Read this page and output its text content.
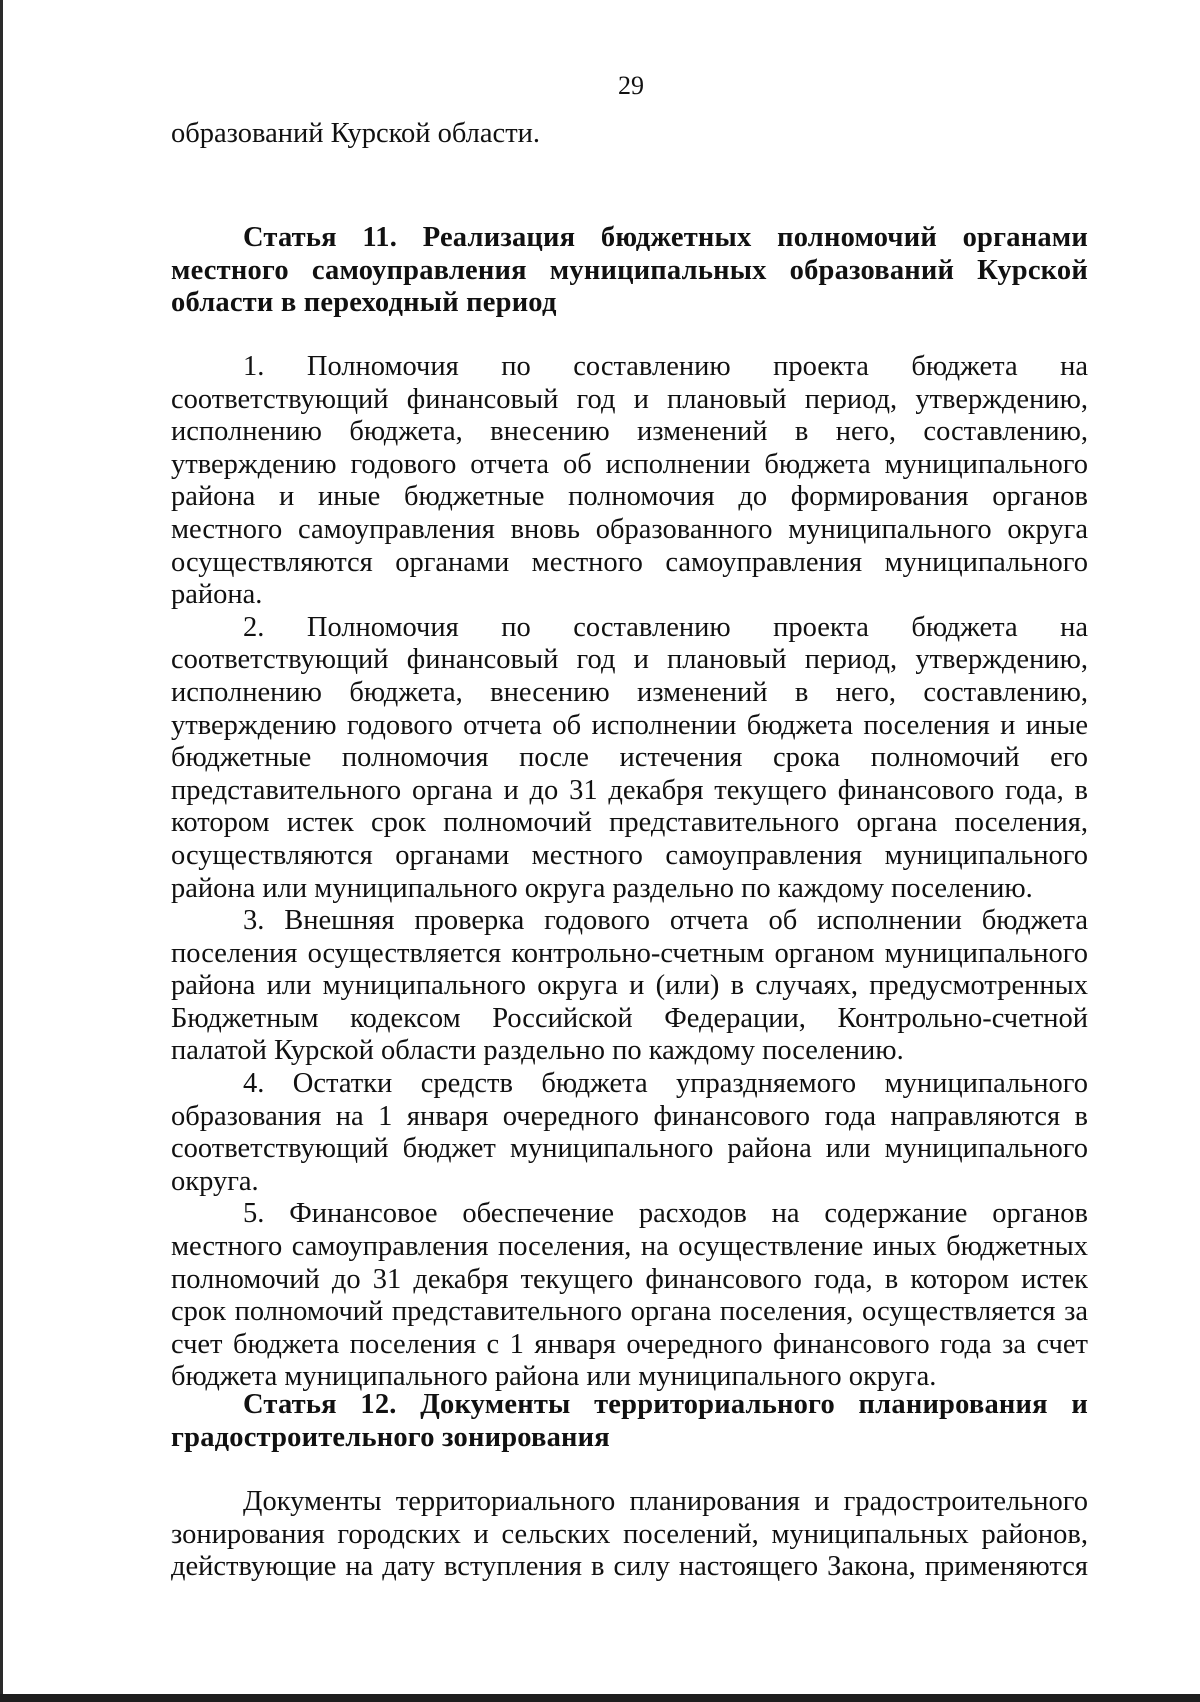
29

образований Курской области.

Статья 11. Реализация бюджетных полномочий органами местного самоуправления муниципальных образований Курской области в переходный период

1. Полномочия по составлению проекта бюджета на соответствующий финансовый год и плановый период, утверждению, исполнению бюджета, внесению изменений в него, составлению, утверждению годового отчета об исполнении бюджета муниципального района и иные бюджетные полномочия до формирования органов местного самоуправления вновь образованного муниципального округа осуществляются органами местного самоуправления муниципального района.

2. Полномочия по составлению проекта бюджета на соответствующий финансовый год и плановый период, утверждению, исполнению бюджета, внесению изменений в него, составлению, утверждению годового отчета об исполнении бюджета поселения и иные бюджетные полномочия после истечения срока полномочий его представительного органа и до 31 декабря текущего финансового года, в котором истек срок полномочий представительного органа поселения, осуществляются органами местного самоуправления муниципального района или муниципального округа раздельно по каждому поселению.

3. Внешняя проверка годового отчета об исполнении бюджета поселения осуществляется контрольно-счетным органом муниципального района или муниципального округа и (или) в случаях, предусмотренных Бюджетным кодексом Российской Федерации, Контрольно-счетной палатой Курской области раздельно по каждому поселению.

4. Остатки средств бюджета упраздняемого муниципального образования на 1 января очередного финансового года направляются в соответствующий бюджет муниципального района или муниципального округа.

5. Финансовое обеспечение расходов на содержание органов местного самоуправления поселения, на осуществление иных бюджетных полномочий до 31 декабря текущего финансового года, в котором истек срок полномочий представительного органа поселения, осуществляется за счет бюджета поселения с 1 января очередного финансового года за счет бюджета муниципального района или муниципального округа.

Статья 12. Документы территориального планирования и градостроительного зонирования

Документы территориального планирования и градостроительного зонирования городских и сельских поселений, муниципальных районов, действующие на дату вступления в силу настоящего Закона, применяются
